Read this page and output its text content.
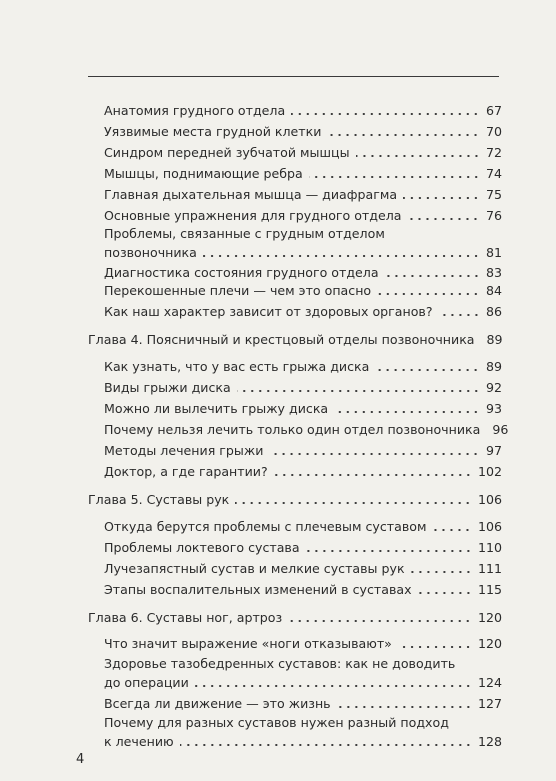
Анатомия грудного отдела	67
Уязвимые места грудной клетки	70
Синдром передней зубчатой мышцы	72
Мышцы, поднимающие ребра	74
Главная дыхательная мышца — диафрагма	75
Основные упражнения для грудного отдела	76
Проблемы, связанные с грудным отделом
позвоночника	81
Диагностика состояния грудного отдела	83
Перекошенные плечи — чем это опасно	84
Как наш характер зависит от здоровых органов?	86
Глава 4. Поясничный и крестцовый отделы позвоночника 89
Как узнать, что у вас есть грыжа диска	89
Виды грыжи диска	92
Можно ли вылечить грыжу диска	93
Почему нельзя лечить только один отдел позвоночника 96
Методы лечения грыжи	97
Доктор, а где гарантии?	102
Глава 5. Суставы рук	106
Откуда берутся проблемы с плечевым суставом	106
Проблемы локтевого сустава	110
Лучезапястный сустав и мелкие суставы рук	111
Этапы воспалительных изменений в суставах	115
Глава 6. Суставы ног, артроз	120
Что значит выражение «ноги отказывают»	120
Здоровье тазобедренных суставов: как не доводить
до операции	124
Всегда ли движение — это жизнь	127
Почему для разных суставов нужен разный подход
к лечению	128
4
